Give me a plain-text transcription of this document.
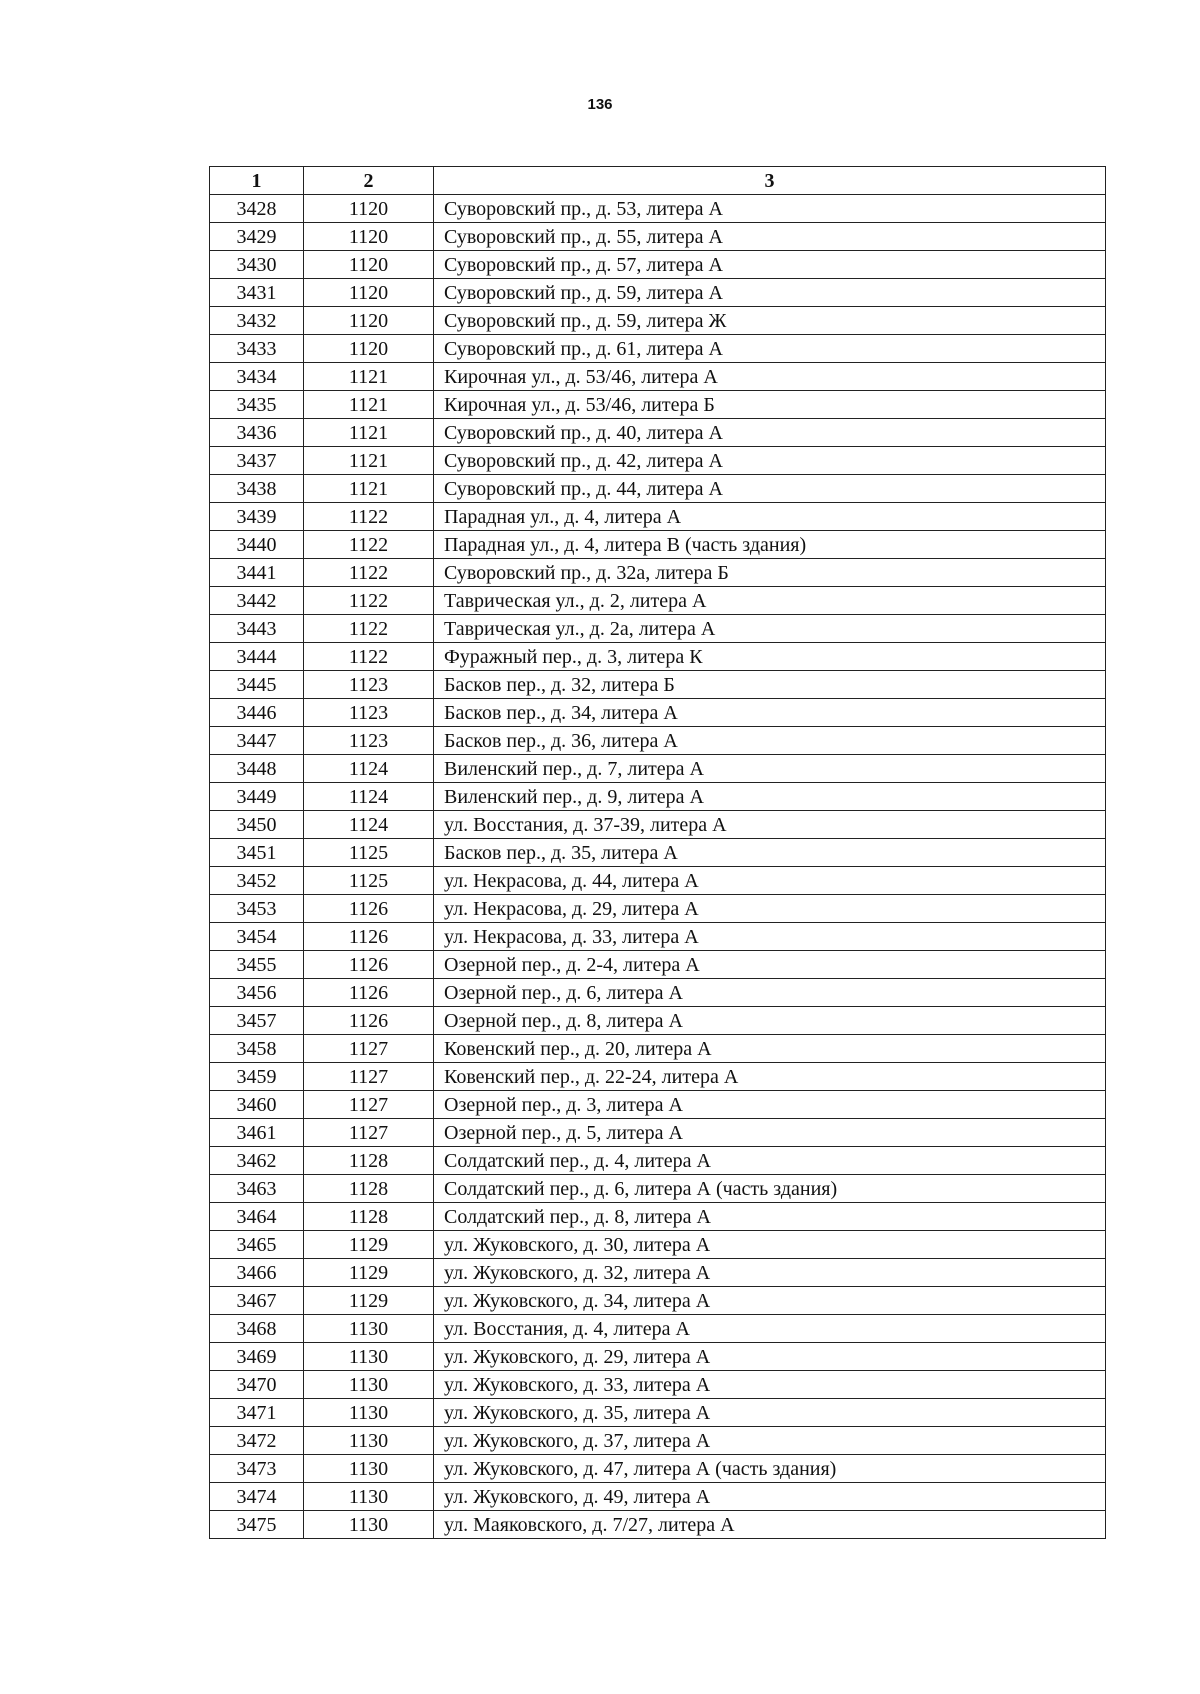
136
1	2	3
3428	1120	Суворовский пр., д. 53, литера А
3429	1120	Суворовский пр., д. 55, литера А
3430	1120	Суворовский пр., д. 57, литера А
3431	1120	Суворовский пр., д. 59, литера А
3432	1120	Суворовский пр., д. 59, литера Ж
3433	1120	Суворовский пр., д. 61, литера А
3434	1121	Кирочная ул., д. 53/46, литера А
3435	1121	Кирочная ул., д. 53/46, литера Б
3436	1121	Суворовский пр., д. 40, литера А
3437	1121	Суворовский пр., д. 42, литера А
3438	1121	Суворовский пр., д. 44, литера А
3439	1122	Парадная ул., д. 4, литера А
3440	1122	Парадная ул., д. 4, литера В (часть здания)
3441	1122	Суворовский пр., д. 32а, литера Б
3442	1122	Таврическая ул., д. 2, литера А
3443	1122	Таврическая ул., д. 2а, литера А
3444	1122	Фуражный пер., д. 3, литера К
3445	1123	Басков пер., д. 32, литера Б
3446	1123	Басков пер., д. 34, литера А
3447	1123	Басков пер., д. 36, литера А
3448	1124	Виленский пер., д. 7, литера А
3449	1124	Виленский пер., д. 9, литера А
3450	1124	ул. Восстания, д. 37-39, литера А
3451	1125	Басков пер., д. 35, литера А
3452	1125	ул. Некрасова, д. 44, литера А
3453	1126	ул. Некрасова, д. 29, литера А
3454	1126	ул. Некрасова, д. 33, литера А
3455	1126	Озерной пер., д. 2-4, литера А
3456	1126	Озерной пер., д. 6, литера А
3457	1126	Озерной пер., д. 8, литера А
3458	1127	Ковенский пер., д. 20, литера А
3459	1127	Ковенский пер., д. 22-24, литера А
3460	1127	Озерной пер., д. 3, литера А
3461	1127	Озерной пер., д. 5, литера А
3462	1128	Солдатский пер., д. 4, литера А
3463	1128	Солдатский пер., д. 6, литера А (часть здания)
3464	1128	Солдатский пер., д. 8, литера А
3465	1129	ул. Жуковского, д. 30, литера А
3466	1129	ул. Жуковского, д. 32, литера А
3467	1129	ул. Жуковского, д. 34, литера А
3468	1130	ул. Восстания, д. 4, литера А
3469	1130	ул. Жуковского, д. 29, литера А
3470	1130	ул. Жуковского, д. 33, литера А
3471	1130	ул. Жуковского, д. 35, литера А
3472	1130	ул. Жуковского, д. 37, литера А
3473	1130	ул. Жуковского, д. 47, литера А (часть здания)
3474	1130	ул. Жуковского, д. 49, литера А
3475	1130	ул. Маяковского, д. 7/27, литера А
